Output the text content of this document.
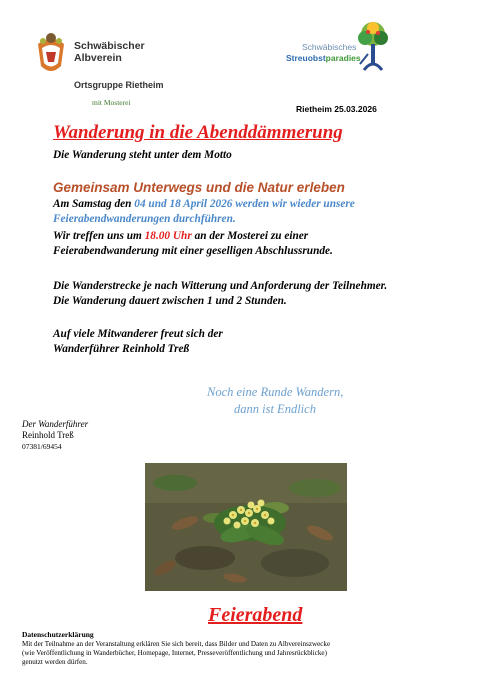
Schwäbischer
Albverein
Ortsgruppe Rietheim
mit Mosterei
Schwäbisches
Streuobstparadies
Rietheim 25.03.2026
Wanderung in die Abenddämmerung
Die Wanderung steht unter dem Motto
Gemeinsam Unterwegs und die Natur erleben
Am Samstag den 04 und 18 April 2026 werden wir wieder unsere
Feierabendwanderungen durchführen.
Wir treffen uns um 18.00 Uhr an der Mosterei zu einer
Feierabendwanderung mit einer geselligen Abschlussrunde.
Die Wanderstrecke je nach Witterung und Anforderung der Teilnehmer.
Die Wanderung dauert zwischen 1 und 2 Stunden.
Auf viele Mitwanderer freut sich der
Wanderführer Reinhold Treß
Noch eine Runde Wandern,
dann ist Endlich
Der Wanderführer
Reinhold Treß
07381/69454
Feierabend
Datenschutzerklärung
Mit der Teilnahme an der Veranstaltung erklären Sie sich bereit, dass Bilder und Daten zu Albvereinszwecke
(wie Veröffentlichung in Wanderbücher, Homepage, Internet, Presseveröffentlichung und Jahresrückblicke)
genutzt werden dürfen.
